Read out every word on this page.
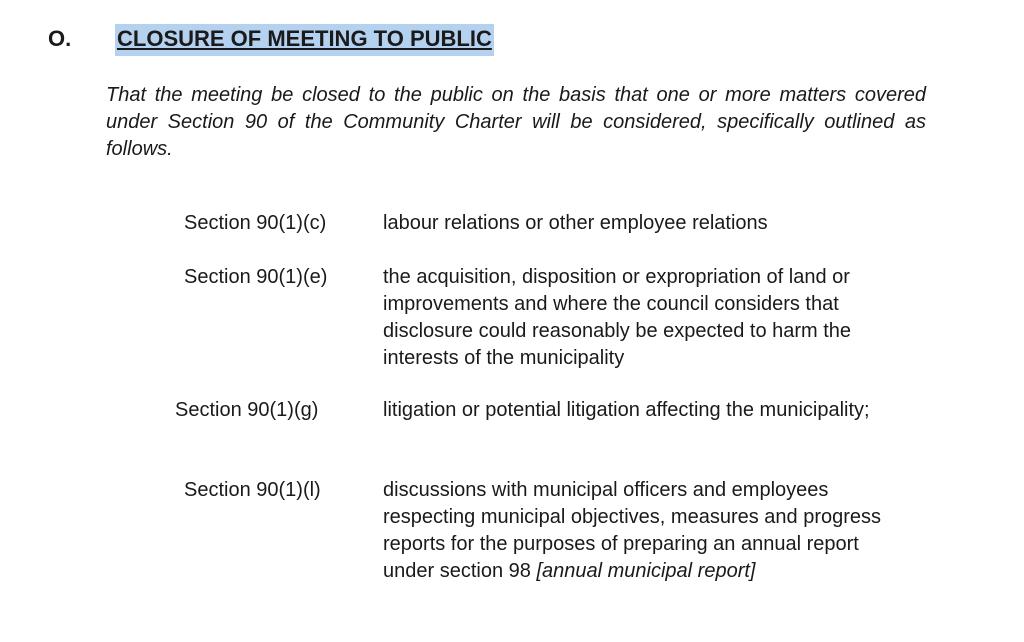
O. CLOSURE OF MEETING TO PUBLIC

That the meeting be closed to the public on the basis that one or more matters covered under Section 90 of the Community Charter will be considered, specifically outlined as follows.

Section 90(1)(c)	labour relations or other employee relations

Section 90(1)(e)	the acquisition, disposition or expropriation of land or improvements and where the council considers that disclosure could reasonably be expected to harm the interests of the municipality

Section 90(1)(g)	litigation or potential litigation affecting the municipality;

Section 90(1)(l)	discussions with municipal officers and employees respecting municipal objectives, measures and progress reports for the purposes of preparing an annual report under section 98 [annual municipal report]
